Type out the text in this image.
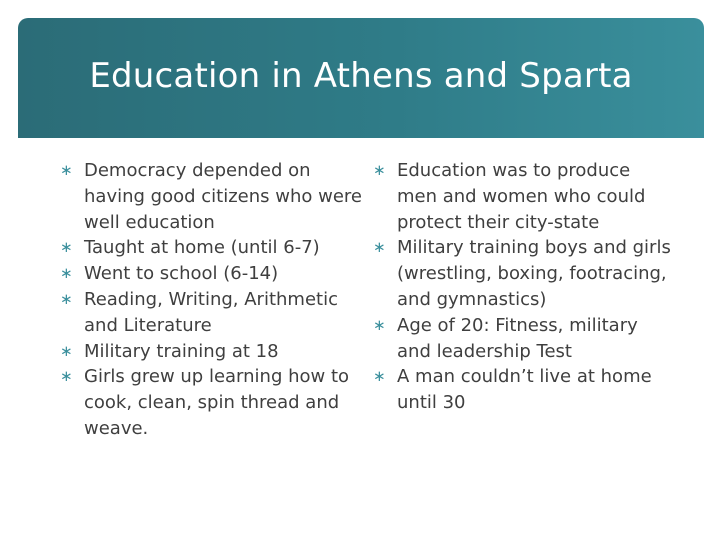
Education in Athens and Sparta
∗ Democracy depended on having good citizens who were well education
∗ Taught at home (until 6-7)
∗ Went to school (6-14)
∗ Reading, Writing, Arithmetic and Literature
∗ Military training at 18
∗ Girls grew up learning how to cook, clean, spin thread and weave.
∗ Education was to produce men and women who could protect their city-state
∗ Military training boys and girls (wrestling, boxing, footracing, and gymnastics)
∗ Age of 20: Fitness, military and leadership Test
∗ A man couldn’t live at home until 30
